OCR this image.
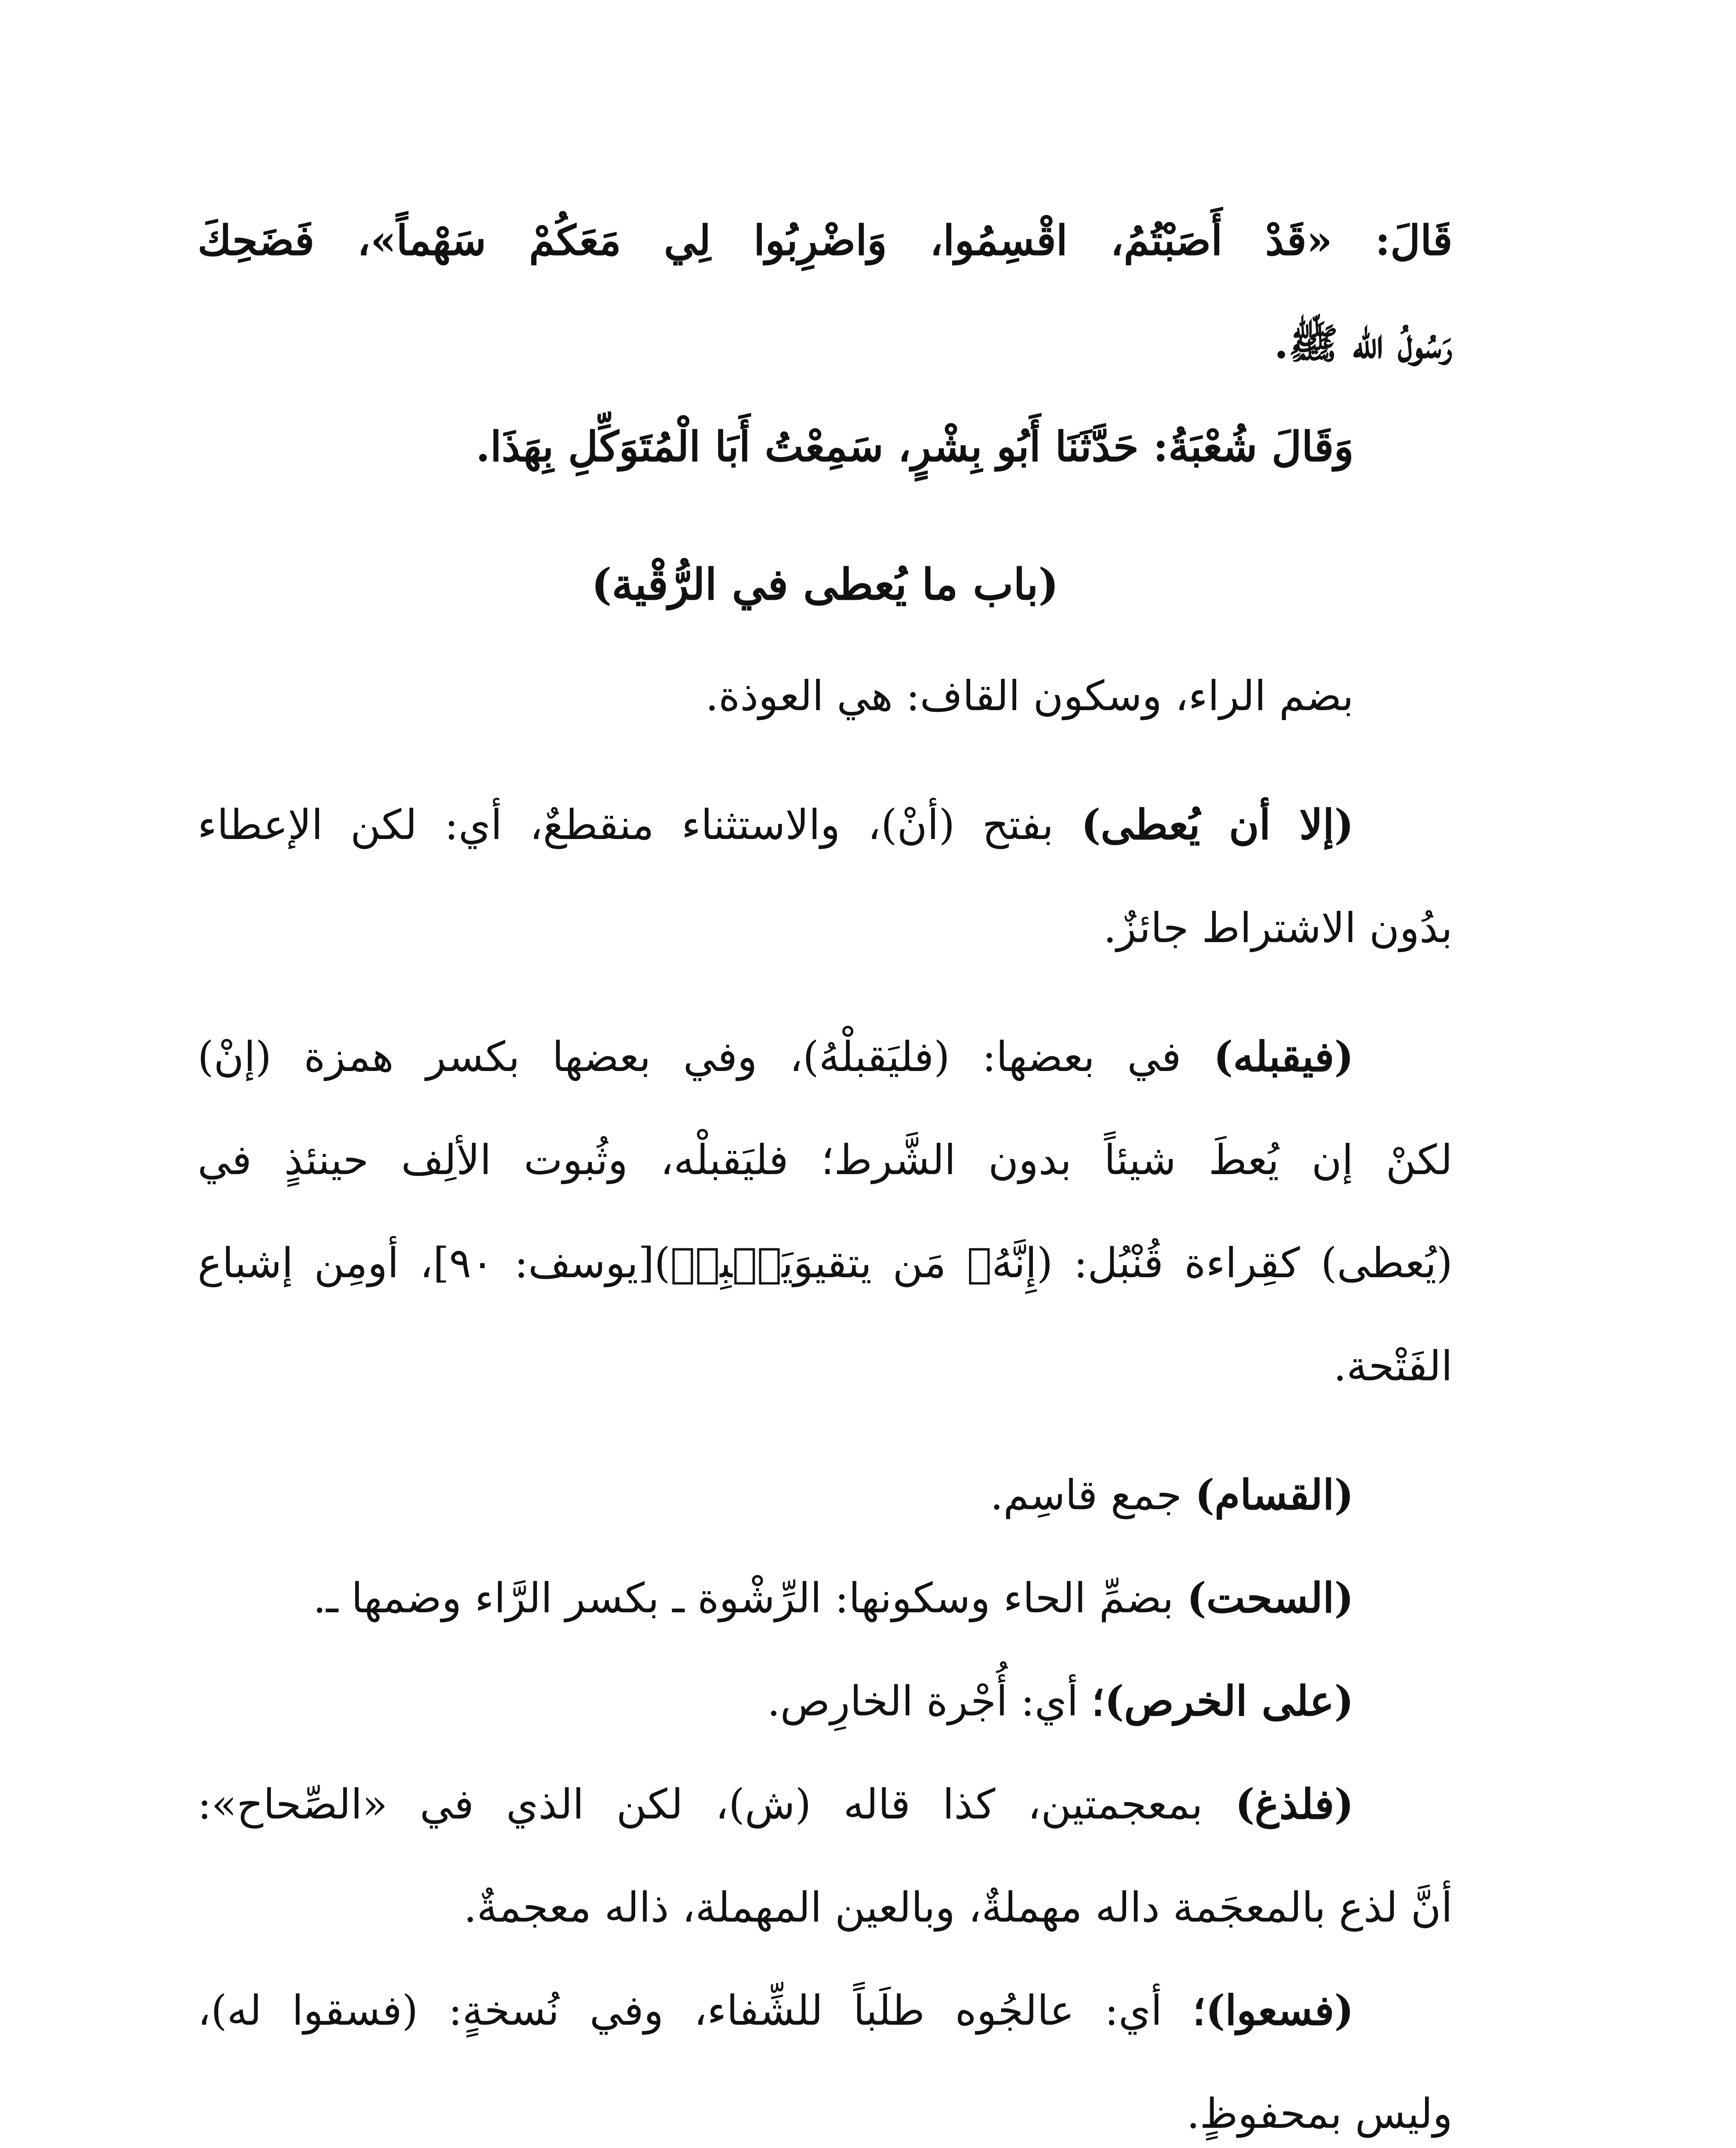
قَالَ: «قَدْ أَصَبْتُمُ، اقْسِمُوا، وَاضْرِبُوا لِي مَعَكُمْ سَهْماً»، فَضَحِكَ

رَسُولُ الله ﷺ.

وَقَالَ شُعْبَةُ: حَدَّثَنَا أَبُو بِشْرٍ، سَمِعْتُ أَبَا الْمُتَوَكِّلِ بِهَذَا.

(باب ما يُعطى في الرُّقْية)

بضم الراء، وسكون القاف: هي العوذة.

(إلا أن يُعطى) بفتح (أنْ)، والاستثناء منقطعٌ، أي: لكن الإعطاء

بدُون الاشتراط جائزٌ.

(فيقبله) في بعضها: (فليَقبلْهُ)، وفي بعضها بكسر همزة (إنْ)

لكنْ إن يُعطَ شيئاً بدون الشَّرط؛ فليَقبلْه، وثُبوت الألِف حينئذٍ في

(يُعطى) كقِراءة قُنْبُل: (إِنَّهُۥ مَن يتقيوَيَصۡبِرۡ)[يوسف: ٩٠]، أومِن إشباع

الفَتْحة.

(القسام) جمع قاسِم.

(السحت) بضمِّ الحاء وسكونها: الرِّشْوة ـ بكسر الرَّاء وضمها ـ.

(على الخرص)؛ أي: أُجْرة الخارِص.

(فلذغ) بمعجمتين، كذا قاله (ش)، لكن الذي في «الصِّحاح»:

أنَّ لذع بالمعجَمة داله مهملةٌ، وبالعين المهملة، ذاله معجمةٌ.

(فسعوا)؛ أي: عالجُوه طلَباً للشِّفاء، وفي نُسخةٍ: (فسقوا له)،

وليس بمحفوظٍ.
